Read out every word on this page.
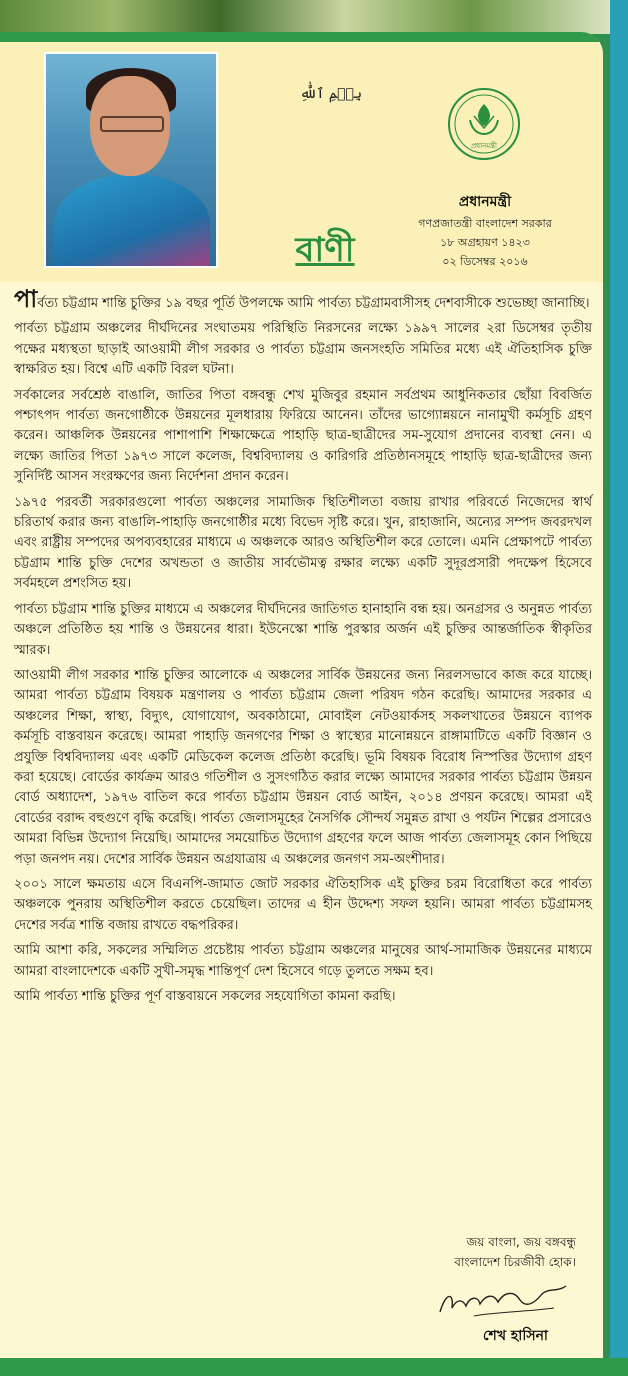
بِسۡمِ ٱللَّٰهِ
প্রধানমন্ত্রী
বাণী
প্রধানমন্ত্রী
গণপ্রজাতন্ত্রী বাংলাদেশ সরকার
১৮ অগ্রহায়ণ ১৪২৩
০২ ডিসেম্বর ২০১৬

পার্বত্য চট্টগ্রাম শান্তি চুক্তির ১৯ বছর পূর্তি উপলক্ষে আমি পার্বত্য চট্টগ্রামবাসীসহ দেশবাসীকে শুভেচ্ছা জানাচ্ছি।

পার্বত্য চট্টগ্রাম অঞ্চলের দীর্ঘদিনের সংঘাতময় পরিস্থিতি নিরসনের লক্ষ্যে ১৯৯৭ সালের ২রা ডিসেম্বর তৃতীয় পক্ষের মধ্যস্থতা ছাড়াই আওয়ামী লীগ সরকার ও পার্বত্য চট্টগ্রাম জনসংহতি সমিতির মধ্যে এই ঐতিহাসিক চুক্তি স্বাক্ষরিত হয়। বিশ্বে এটি একটি বিরল ঘটনা।

সর্বকালের সর্বশ্রেষ্ঠ বাঙালি, জাতির পিতা বঙ্গবন্ধু শেখ মুজিবুর রহমান সর্বপ্রথম আধুনিকতার ছোঁয়া বিবর্জিত পশ্চাৎপদ পার্বত্য জনগোষ্ঠীকে উন্নয়নের মূলধারায় ফিরিয়ে আনেন। তাঁদের ভাগ্যোন্নয়নে নানামুখী কর্মসূচি গ্রহণ করেন। আঞ্চলিক উন্নয়নের পাশাপাশি শিক্ষাক্ষেত্রে পাহাড়ি ছাত্র-ছাত্রীদের সম-সুযোগ প্রদানের ব্যবস্থা নেন। এ লক্ষ্যে জাতির পিতা ১৯৭৩ সালে কলেজ, বিশ্ববিদ্যালয় ও কারিগরি প্রতিষ্ঠানসমূহে পাহাড়ি ছাত্র-ছাত্রীদের জন্য সুনির্দিষ্ট আসন সংরক্ষণের জন্য নির্দেশনা প্রদান করেন।

১৯৭৫ পরবর্তী সরকারগুলো পার্বত্য অঞ্চলের সামাজিক স্থিতিশীলতা বজায় রাখার পরিবর্তে নিজেদের স্বার্থ চরিতার্থ করার জন্য বাঙালি-পাহাড়ি জনগোষ্ঠীর মধ্যে বিভেদ সৃষ্টি করে। খুন, রাহাজানি, অন্যের সম্পদ জবরদখল এবং রাষ্ট্রীয় সম্পদের অপব্যবহারের মাধ্যমে এ অঞ্চলকে আরও অস্থিতিশীল করে তোলে। এমনি প্রেক্ষাপটে পার্বত্য চট্টগ্রাম শান্তি চুক্তি দেশের অখন্ডতা ও জাতীয় সার্বভৌমত্ব রক্ষার লক্ষ্যে একটি সুদূরপ্রসারী পদক্ষেপ হিসেবে সর্বমহলে প্রশংসিত হয়।

পার্বত্য চট্টগ্রাম শান্তি চুক্তির মাধ্যমে এ অঞ্চলের দীর্ঘদিনের জাতিগত হানাহানি বন্ধ হয়। অনগ্রসর ও অনুন্নত পার্বত্য অঞ্চলে প্রতিষ্ঠিত হয় শান্তি ও উন্নয়নের ধারা। ইউনেস্কো শান্তি পুরস্কার অর্জন এই চুক্তির আন্তর্জাতিক স্বীকৃতির স্মারক।

আওয়ামী লীগ সরকার শান্তি চুক্তির আলোকে এ অঞ্চলের সার্বিক উন্নয়নের জন্য নিরলসভাবে কাজ করে যাচ্ছে। আমরা পার্বত্য চট্টগ্রাম বিষয়ক মন্ত্রণালয় ও পার্বত্য চট্টগ্রাম জেলা পরিষদ গঠন করেছি। আমাদের সরকার এ অঞ্চলের শিক্ষা, স্বাস্থ্য, বিদ্যুৎ, যোগাযোগ, অবকাঠামো, মোবাইল নেটওয়ার্কসহ সকলখাতের উন্নয়নে ব্যাপক কর্মসূচি বাস্তবায়ন করেছে। আমরা পাহাড়ি জনগণের শিক্ষা ও স্বাস্থ্যের মানোন্নয়নে রাঙ্গামাটিতে একটি বিজ্ঞান ও প্রযুক্তি বিশ্ববিদ্যালয় এবং একটি মেডিকেল কলেজ প্রতিষ্ঠা করেছি। ভূমি বিষয়ক বিরোধ নিস্পত্তির উদ্যোগ গ্রহণ করা হয়েছে। বোর্ডের কার্যক্রম আরও গতিশীল ও সুসংগঠিত করার লক্ষ্যে আমাদের সরকার পার্বত্য চট্টগ্রাম উন্নয়ন বোর্ড অধ্যাদেশ, ১৯৭৬ বাতিল করে পার্বত্য চট্টগ্রাম উন্নয়ন বোর্ড আইন, ২০১৪ প্রণয়ন করেছে। আমরা এই বোর্ডের বরাদ্দ বহুগুণে বৃদ্ধি করেছি। পার্বত্য জেলাসমূহের নৈসর্গিক সৌন্দর্য সমুন্নত রাখা ও পর্যটন শিল্পের প্রসারেও আমরা বিভিন্ন উদ্যোগ নিয়েছি। আমাদের সময়োচিত উদ্যোগ গ্রহণের ফলে আজ পার্বত্য জেলাসমূহ কোন পিছিয়ে পড়া জনপদ নয়। দেশের সার্বিক উন্নয়ন অগ্রযাত্রায় এ অঞ্চলের জনগণ সম-অংশীদার।

২০০১ সালে ক্ষমতায় এসে বিএনপি-জামাত জোট সরকার ঐতিহাসিক এই চুক্তির চরম বিরোধিতা করে পার্বত্য অঞ্চলকে পুনরায় অস্থিতিশীল করতে চেয়েছিল। তাদের এ হীন উদ্দেশ্য সফল হয়নি। আমরা পার্বত্য চট্টগ্রামসহ দেশের সর্বত্র শান্তি বজায় রাখতে বদ্ধপরিকর।

আমি আশা করি, সকলের সম্মিলিত প্রচেষ্টায় পার্বত্য চট্টগ্রাম অঞ্চলের মানুষের আর্থ-সামাজিক উন্নয়নের মাধ্যমে আমরা বাংলাদেশকে একটি সুখী-সমৃদ্ধ শান্তিপূর্ণ দেশ হিসেবে গড়ে তুলতে সক্ষম হব।

আমি পার্বত্য শান্তি চুক্তির পূর্ণ বাস্তবায়নে সকলের সহযোগিতা কামনা করছি।

জয় বাংলা, জয় বঙ্গবন্ধু
বাংলাদেশ চিরজীবী হোক।
শেখ হাসিনা
